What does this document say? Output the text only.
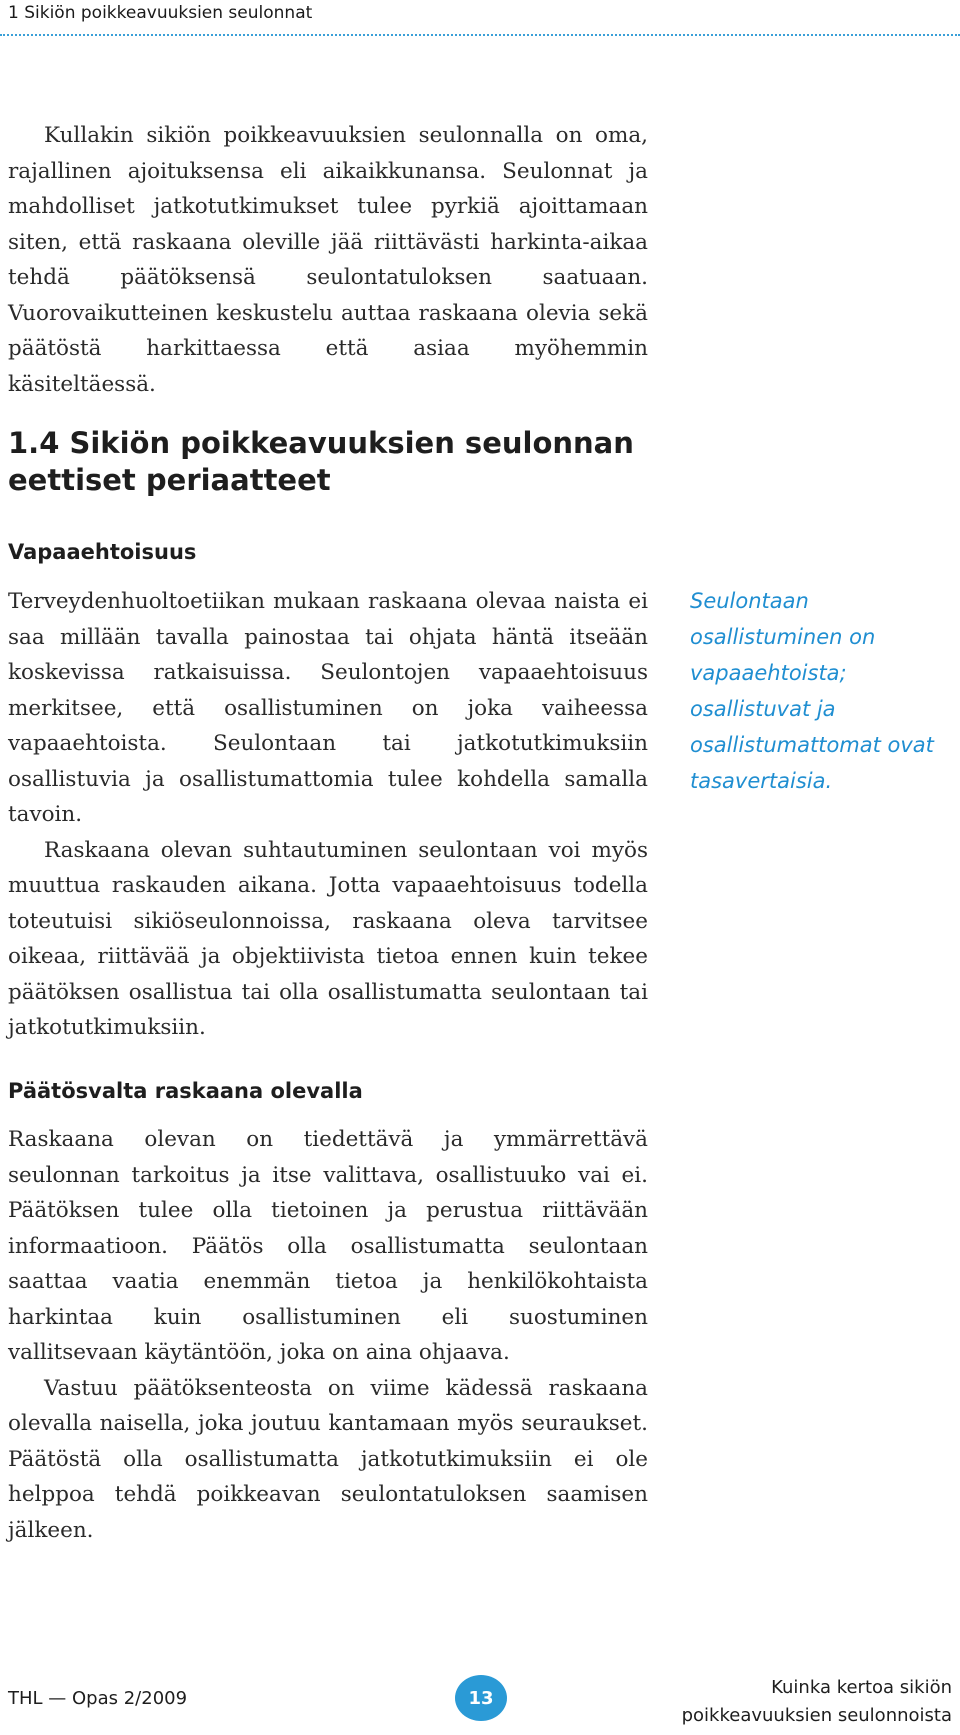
1 Sikiön poikkeavuuksien seulonnat

Kullakin sikiön poikkeavuuksien seulonnalla on oma, rajallinen ajoituksensa eli aikaikkunansa. Seulonnat ja mahdolliset jatkotutkimukset tulee pyrkiä ajoittamaan siten, että raskaana oleville jää riittävästi harkinta-aikaa tehdä päätöksensä seulontatuloksen saatuaan. Vuorovaikutteinen keskustelu auttaa raskaana olevia sekä päätöstä harkittaessa että asiaa myöhemmin käsiteltäessä.

1.4 Sikiön poikkeavuuksien seulonnan eettiset periaatteet
Vapaaehtoisuus

Terveydenhuoltoetiikan mukaan raskaana olevaa naista ei saa millään tavalla painostaa tai ohjata häntä itseään koskevissa ratkaisuissa. Seulontojen vapaaehtoisuus merkitsee, että osallistuminen on joka vaiheessa vapaaehtoista. Seulontaan tai jatkotutkimuksiin osallistuvia ja osallistumattomia tulee kohdella samalla tavoin.

Raskaana olevan suhtautuminen seulontaan voi myös muuttua raskauden aikana. Jotta vapaaehtoisuus todella toteutuisi sikiöseulonnoissa, raskaana oleva tarvitsee oikeaa, riittävää ja objektiivista tietoa ennen kuin tekee päätöksen osallistua tai olla osallistumatta seulontaan tai jatkotutkimuksiin.

Seulontaan osallistuminen on vapaaehtoista; osallistuvat ja osallistumattomat ovat tasavertaisia.

Päätösvalta raskaana olevalla

Raskaana olevan on tiedettävä ja ymmärrettävä seulonnan tarkoitus ja itse valittava, osallistuuko vai ei. Päätöksen tulee olla tietoinen ja perustua riittävään informaatioon. Päätös olla osallistumatta seulontaan saattaa vaatia enemmän tietoa ja henkilökohtaista harkintaa kuin osallistuminen eli suostuminen vallitsevaan käytäntöön, joka on aina ohjaava.

Vastuu päätöksenteosta on viime kädessä raskaana olevalla naisella, joka joutuu kantamaan myös seuraukset. Päätöstä olla osallistumatta jatkotutkimuksiin ei ole helppoa tehdä poikkeavan seulontatuloksen saamisen jälkeen.

THL — Opas 2/2009	13	Kuinka kertoa sikiön
poikkeavuuksien seulonnoista
